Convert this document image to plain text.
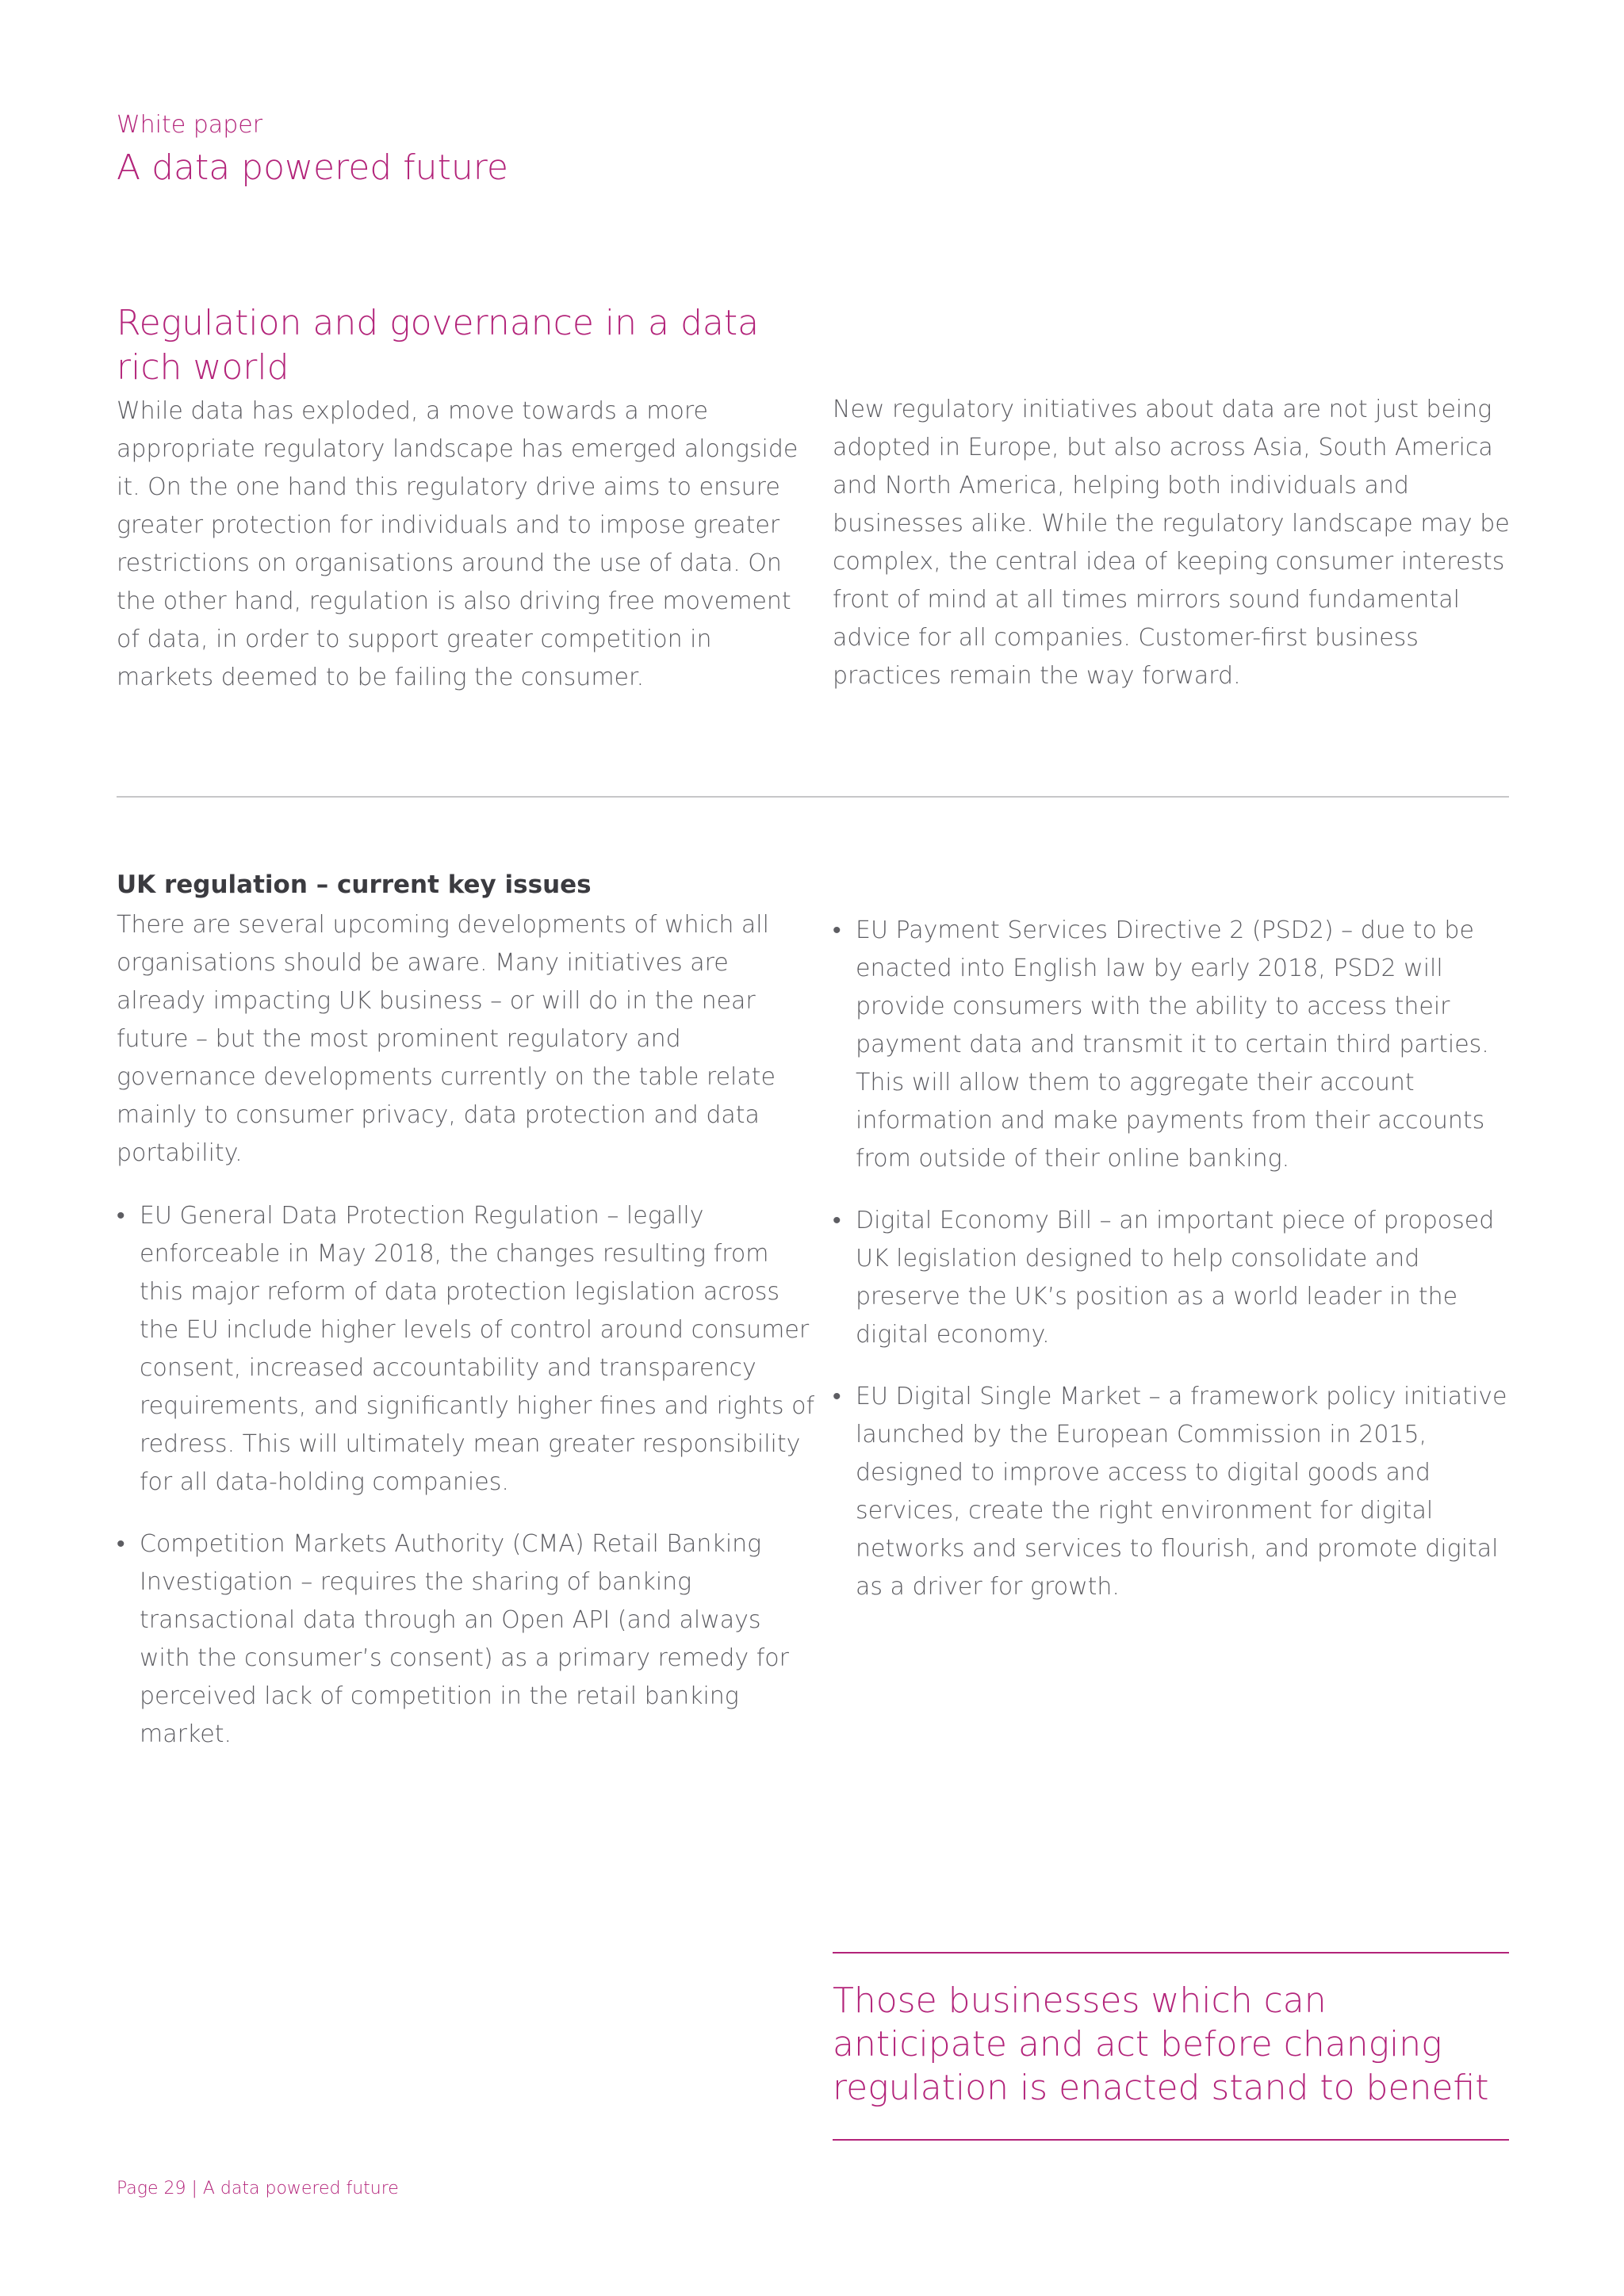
White paper
A data powered future
Regulation and governance in a data rich world

While data has exploded, a move towards a more appropriate regulatory landscape has emerged alongside it. On the one hand this regulatory drive aims to ensure greater protection for individuals and to impose greater restrictions on organisations around the use of data. On the other hand, regulation is also driving free movement of data, in order to support greater competition in markets deemed to be failing the consumer.

New regulatory initiatives about data are not just being adopted in Europe, but also across Asia, South America and North America, helping both individuals and businesses alike. While the regulatory landscape may be complex, the central idea of keeping consumer interests front of mind at all times mirrors sound fundamental advice for all companies. Customer-first business practices remain the way forward.

UK regulation – current key issues

There are several upcoming developments of which all organisations should be aware. Many initiatives are already impacting UK business – or will do in the near future – but the most prominent regulatory and governance developments currently on the table relate mainly to consumer privacy, data protection and data portability.

• EU General Data Protection Regulation – legally enforceable in May 2018, the changes resulting from this major reform of data protection legislation across the EU include higher levels of control around consumer consent, increased accountability and transparency requirements, and significantly higher fines and rights of redress. This will ultimately mean greater responsibility for all data-holding companies.
• Competition Markets Authority (CMA) Retail Banking Investigation – requires the sharing of banking transactional data through an Open API (and always with the consumer’s consent) as a primary remedy for perceived lack of competition in the retail banking market.
• EU Payment Services Directive 2 (PSD2) – due to be enacted into English law by early 2018, PSD2 will provide consumers with the ability to access their payment data and transmit it to certain third parties. This will allow them to aggregate their account information and make payments from their accounts from outside of their online banking.
• Digital Economy Bill – an important piece of proposed UK legislation designed to help consolidate and preserve the UK’s position as a world leader in the digital economy.
• EU Digital Single Market – a framework policy initiative launched by the European Commission in 2015, designed to improve access to digital goods and services, create the right environment for digital networks and services to flourish, and promote digital as a driver for growth.
Those businesses which can anticipate and act before changing regulation is enacted stand to benefit
Page 29 | A data powered future
